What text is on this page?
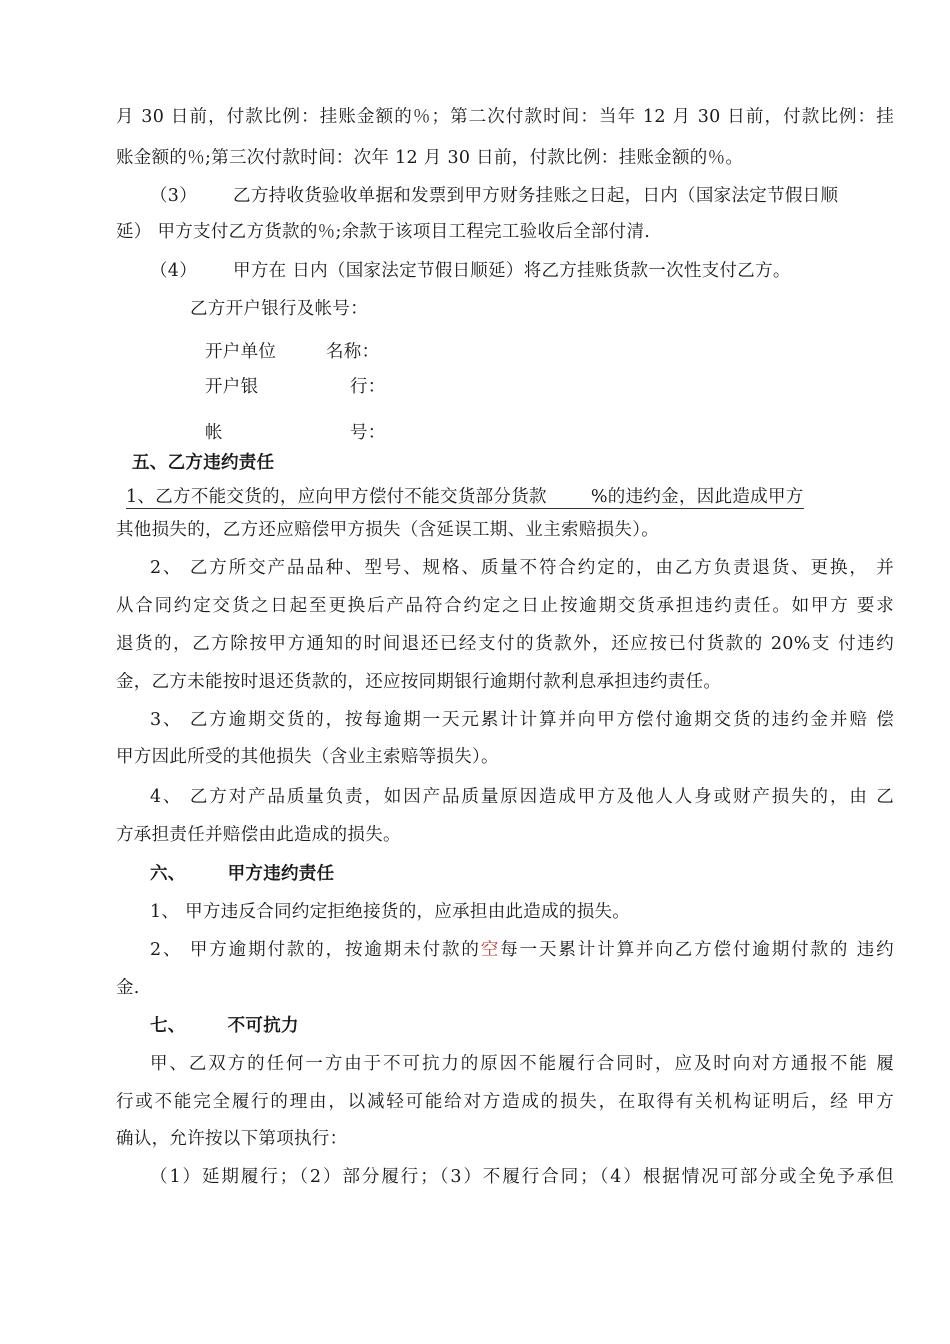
月 30 日前，付款比例：挂账金额的％；第二次付款时间：当年 12 月 30 日前，付款比例：挂
账金额的％;第三次付款时间：次年 12 月 30 日前，付款比例：挂账金额的％。
（3） 乙方持收货验收单据和发票到甲方财务挂账之日起，日内（国家法定节假日顺
延） 甲方支付乙方货款的％;余款于该项目工程完工验收后全部付清.
（4） 甲方在 日内（国家法定节假日顺延）将乙方挂账货款一次性支付乙方。
乙方开户银行及帐号：
开户单位	名称：
开户银	行：
帐	号：
五、乙方违约责任
1、乙方不能交货的，应向甲方偿付不能交货部分货款	%的违约金，因此造成甲方
其他损失的，乙方还应赔偿甲方损失（含延误工期、业主索赔损失）。
2、 乙方所交产品品种、型号、规格、质量不符合约定的，由乙方负责退货、更换， 并
从合同约定交货之日起至更换后产品符合约定之日止按逾期交货承担违约责任。如甲方 要求
退货的，乙方除按甲方通知的时间退还已经支付的货款外，还应按已付货款的 20%支 付违约
金，乙方未能按时退还货款的，还应按同期银行逾期付款利息承担违约责任。
3、 乙方逾期交货的，按每逾期一天元累计计算并向甲方偿付逾期交货的违约金并赔 偿
甲方因此所受的其他损失（含业主索赔等损失）。
4、 乙方对产品质量负责，如因产品质量原因造成甲方及他人人身或财产损失的，由 乙
方承担责任并赔偿由此造成的损失。
六、 甲方违约责任
1、 甲方违反合同约定拒绝接货的，应承担由此造成的损失。
2、 甲方逾期付款的，按逾期未付款的空每一天累计计算并向乙方偿付逾期付款的 违约
金.
七、 不可抗力
甲、乙双方的任何一方由于不可抗力的原因不能履行合同时，应及时向对方通报不能 履
行或不能完全履行的理由，以减轻可能给对方造成的损失，在取得有关机构证明后，经 甲方
确认，允许按以下第项执行：
（1）延期履行；（2）部分履行；（3）不履行合同；（4）根据情况可部分或全免予承但
